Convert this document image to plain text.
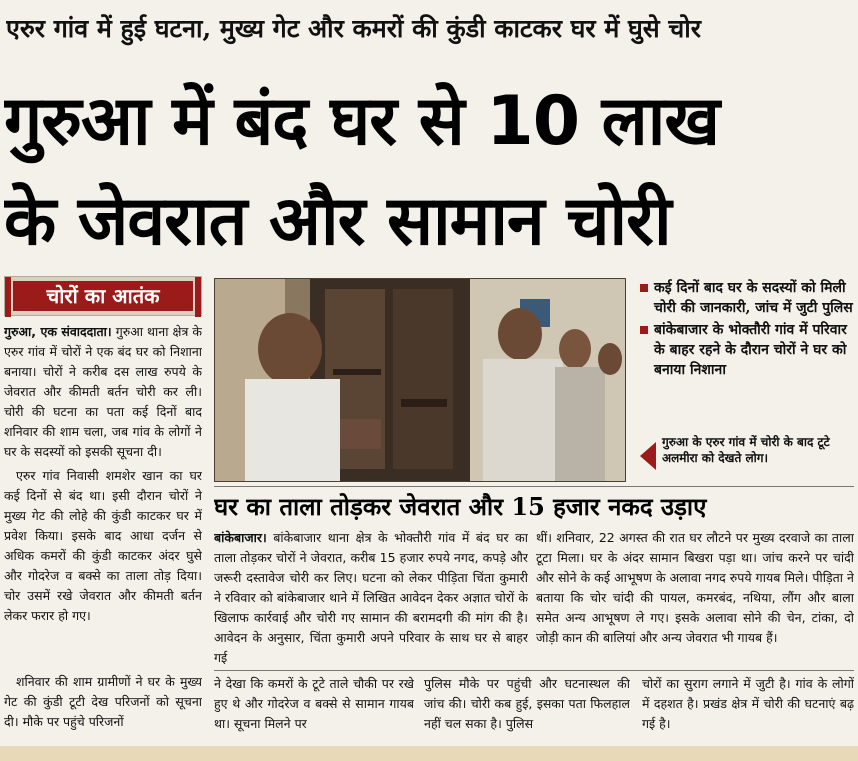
एरुर गांव में हुई घटना, मुख्य गेट और कमरों की कुंडी काटकर घर में घुसे चोर
गुरुआ में बंद घर से 10 लाख
के जेवरात और सामान चोरी
चोरों का आतंक

गुरुआ, एक संवाददाता। गुरुआ थाना क्षेत्र के एरुर गांव में चोरों ने एक बंद घर को निशाना बनाया। चोरों ने करीब दस लाख रुपये के जेवरात और कीमती बर्तन चोरी कर ली। चोरी की घटना का पता कई दिनों बाद शनिवार की शाम चला, जब गांव के लोगों ने घर के सदस्यों को इसकी सूचना दी।

एरुर गांव निवासी शमशेर खान का घर कई दिनों से बंद था। इसी दौरान चोरों ने मुख्य गेट की लोहे की कुंडी काटकर घर में प्रवेश किया। इसके बाद आधा दर्जन से अधिक कमरों की कुंडी काटकर अंदर घुसे और गोदरेज व बक्से का ताला तोड़ दिया। चोर उसमें रखे जेवरात और कीमती बर्तन लेकर फरार हो गए।

कई दिनों बाद घर के सदस्यों को मिली चोरी की जानकारी, जांच में जुटी पुलिस
बांकेबाजार के भोक्तौरी गांव में परिवार के बाहर रहने के दौरान चोरों ने घर को बनाया निशाना
गुरुआ के एरुर गांव में चोरी के बाद टूटे अलमीरा को देखते लोग।
घर का ताला तोड़कर जेवरात और 15 हजार नकद उड़ाए

बांकेबाजार। बांकेबाजार थाना क्षेत्र के भोक्तौरी गांव में बंद घर का ताला तोड़कर चोरों ने जेवरात, करीब 15 हजार रुपये नगद, कपड़े और जरूरी दस्तावेज चोरी कर लिए। घटना को लेकर पीड़िता चिंता कुमारी ने रविवार को बांकेबाजार थाने में लिखित आवेदन देकर अज्ञात चोरों के खिलाफ कार्रवाई और चोरी गए सामान की बरामदगी की मांग की है। आवेदन के अनुसार, चिंता कुमारी अपने परिवार के साथ घर से बाहर गई

थीं। शनिवार, 22 अगस्त की रात घर लौटने पर मुख्य दरवाजे का ताला टूटा मिला। घर के अंदर सामान बिखरा पड़ा था। जांच करने पर चांदी और सोने के कई आभूषण के अलावा नगद रुपये गायब मिले। पीड़िता ने बताया कि चोर चांदी की पायल, कमरबंद, नथिया, लौंग और बाला समेत अन्य आभूषण ले गए। इसके अलावा सोने की चेन, टांका, दो जोड़ी कान की बालियां और अन्य जेवरात भी गायब हैं।

शनिवार की शाम ग्रामीणों ने घर के मुख्य गेट की कुंडी टूटी देख परिजनों को सूचना दी। मौके पर पहुंचे परिजनों

ने देखा कि कमरों के टूटे ताले चौकी पर रखे हुए थे और गोदरेज व बक्से से सामान गायब था। सूचना मिलने पर

पुलिस मौके पर पहुंची और घटनास्थल की जांच की। चोरी कब हुई, इसका पता फिलहाल नहीं चल सका है। पुलिस

चोरों का सुराग लगाने में जुटी है। गांव के लोगों में दहशत है। प्रखंड क्षेत्र में चोरी की घटनाएं बढ़ गई है।
